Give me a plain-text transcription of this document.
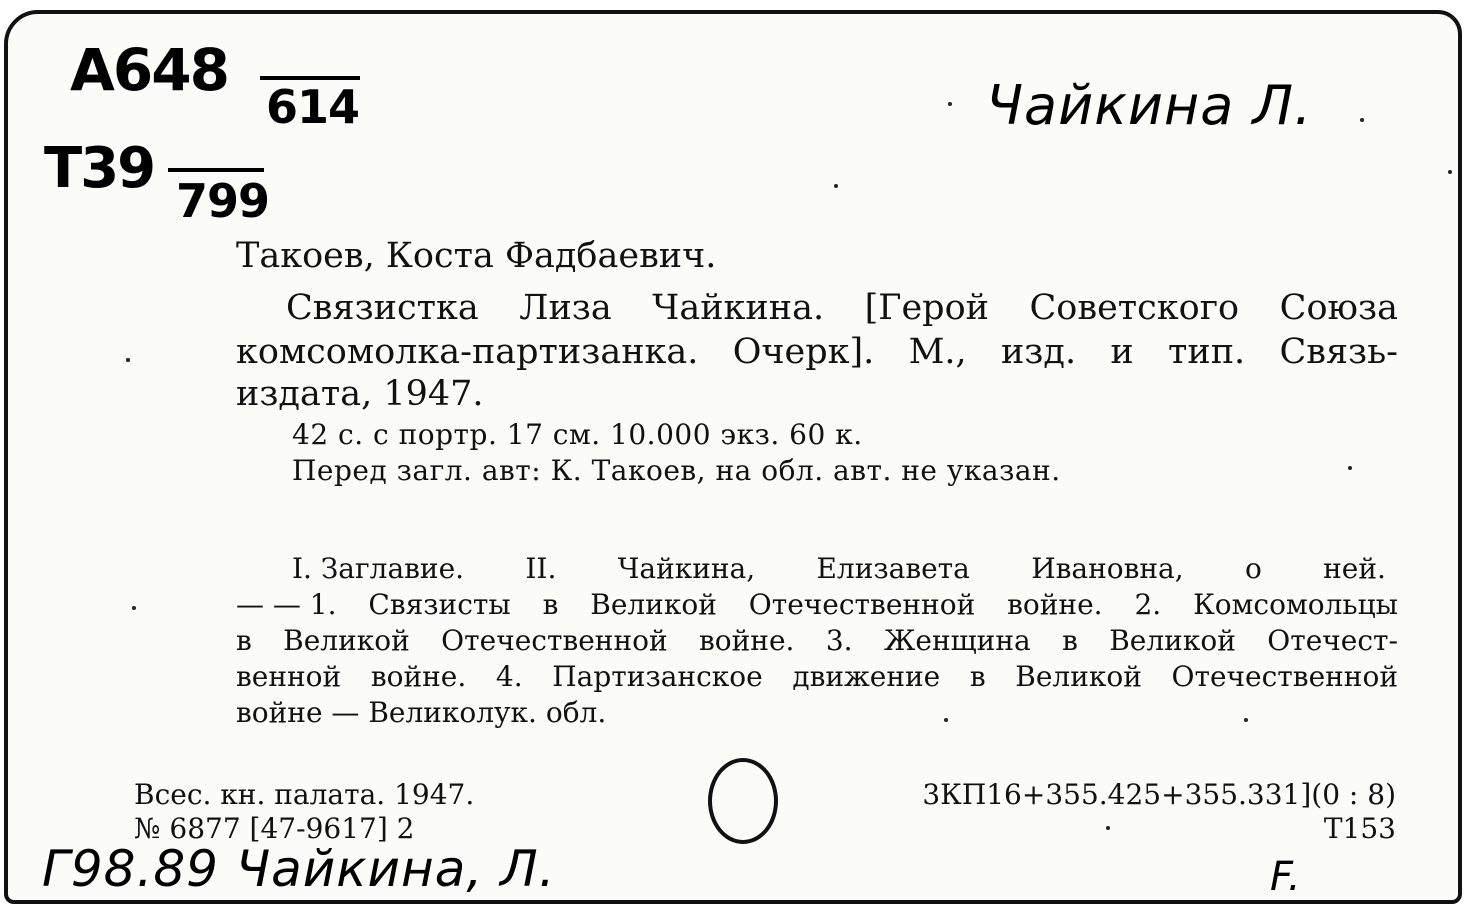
А648
614
Т39 799
Чайкина Л.
Такоев, Коста Фадбаевич.
Связистка Лиза Чайкина. [Герой Советского Союза
комсомолка-партизанка. Очерк]. М., изд. и тип. Связь-
издата, 1947.
42 с. с портр. 17 см. 10.000 экз. 60 к.
Перед загл. авт: К. Такоев, на обл. авт. не указан.
I. Заглавие. II. Чайкина, Елизавета Ивановна, о ней.
— — 1. Связисты в Великой Отечественной войне. 2. Комсомольцы
в Великой Отечественной войне. 3. Женщина в Великой Отечест-
венной войне. 4. Партизанское движение в Великой Отечественной
войне — Великолук. обл.
Всес. кн. палата. 1947.
№ 6877 [47-9617] 2
3КП16+355.425+355.331](0 : 8)
Т153
Г98.89 Чайкина, Л.	F.
